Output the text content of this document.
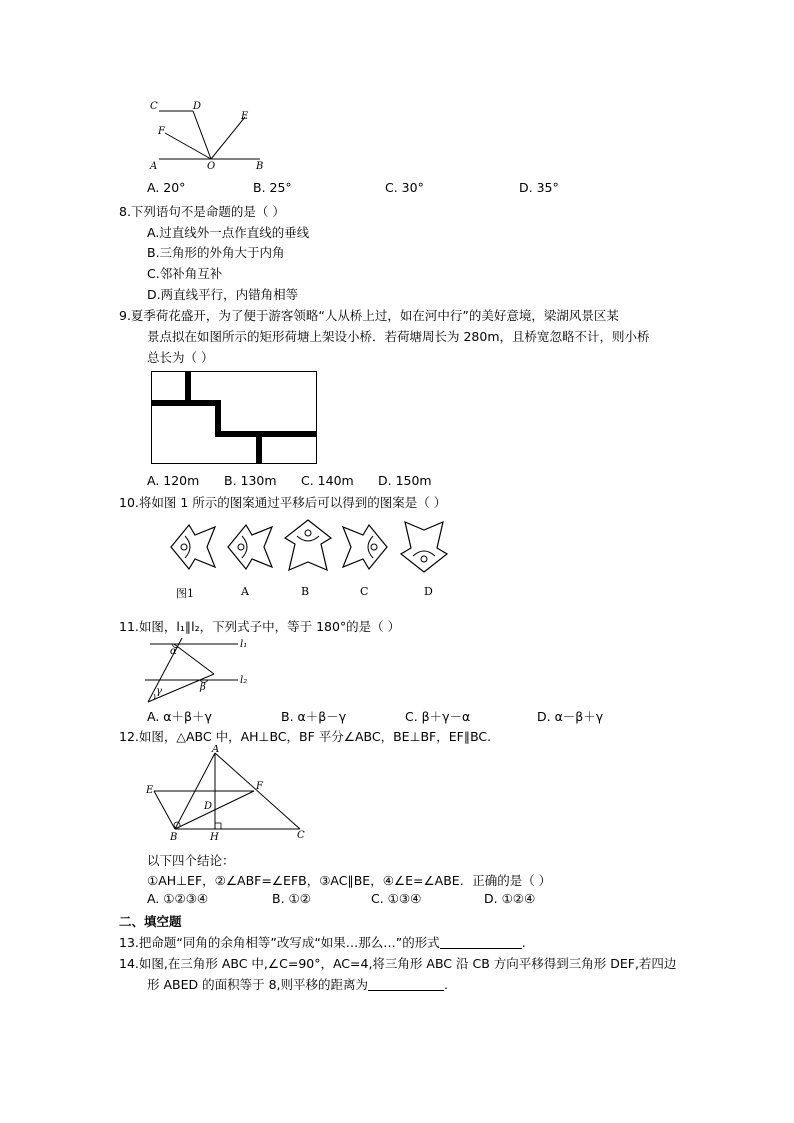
C	D
F
E
A	O	B
A. 20°	B. 25°	C. 30°	D. 35°
8.下列语句不是命题的是（ ）
A.过直线外一点作直线的垂线
B.三角形的外角大于内角
C.邻补角互补
D.两直线平行，内错角相等
9.夏季荷花盛开，为了便于游客领略“人从桥上过，如在河中行”的美好意境，梁湖风景区某
景点拟在如图所示的矩形荷塘上架设小桥．若荷塘周长为 280m，且桥宽忽略不计，则小桥
总长为（ ）
A. 120m B. 130m C. 140m D. 150m
10.将如图 1 所示的图案通过平移后可以得到的图案是（ ）
图1	A	B	C	D
11.如图，l₁∥l₂，下列式子中，等于 180°的是（ ）
α
β
γ
l₁
l₂
A. α＋β＋γ	B. α＋β－γ	C. β＋γ－α	D. α－β＋γ
12.如图，△ABC 中，AH⊥BC，BF 平分∠ABC，BE⊥BF，EF∥BC.
A
E	F
D
B	H	C
以下四个结论：
①AH⊥EF，②∠ABF=∠EFB，③AC∥BE，④∠E=∠ABE．正确的是（ ）
A. ①②③④	B. ①②	C. ①③④	D. ①②④
二、填空题
13.把命题“同角的余角相等”改写成“如果…那么…”的形式	.
14.如图,在三角形 ABC 中,∠C=90°，AC=4,将三角形 ABC 沿 CB 方向平移得到三角形 DEF,若四边
形 ABED 的面积等于 8,则平移的距离为	.
